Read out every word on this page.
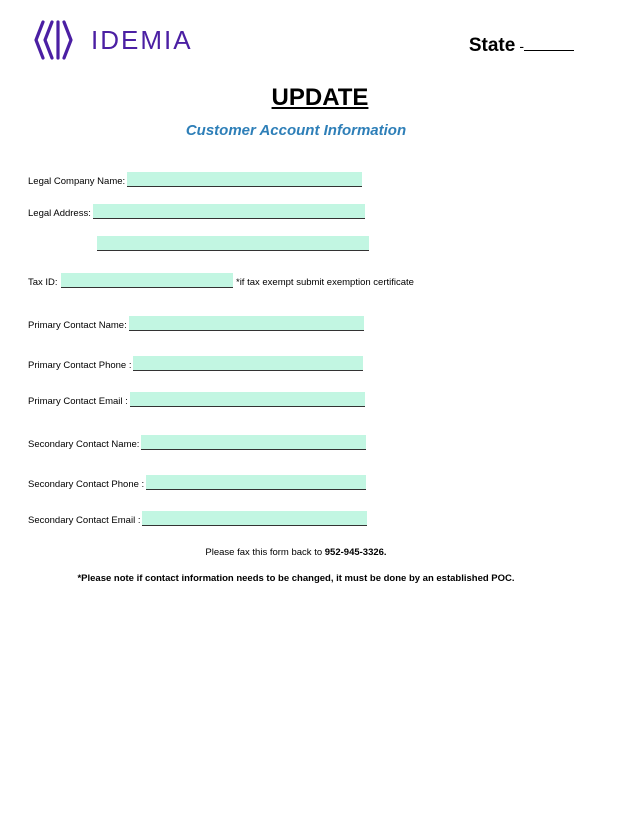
IDEMIA	State -
UPDATE
Customer Account Information
Legal Company Name:
Legal Address:
Tax ID:	*if tax exempt submit exemption certificate
Primary Contact Name:
Primary Contact Phone :
Primary Contact Email :
Secondary Contact Name:
Secondary Contact Phone :
Secondary Contact Email :
Please fax this form back to 952-945-3326.
*Please note if contact information needs to be changed, it must be done by an established POC.
